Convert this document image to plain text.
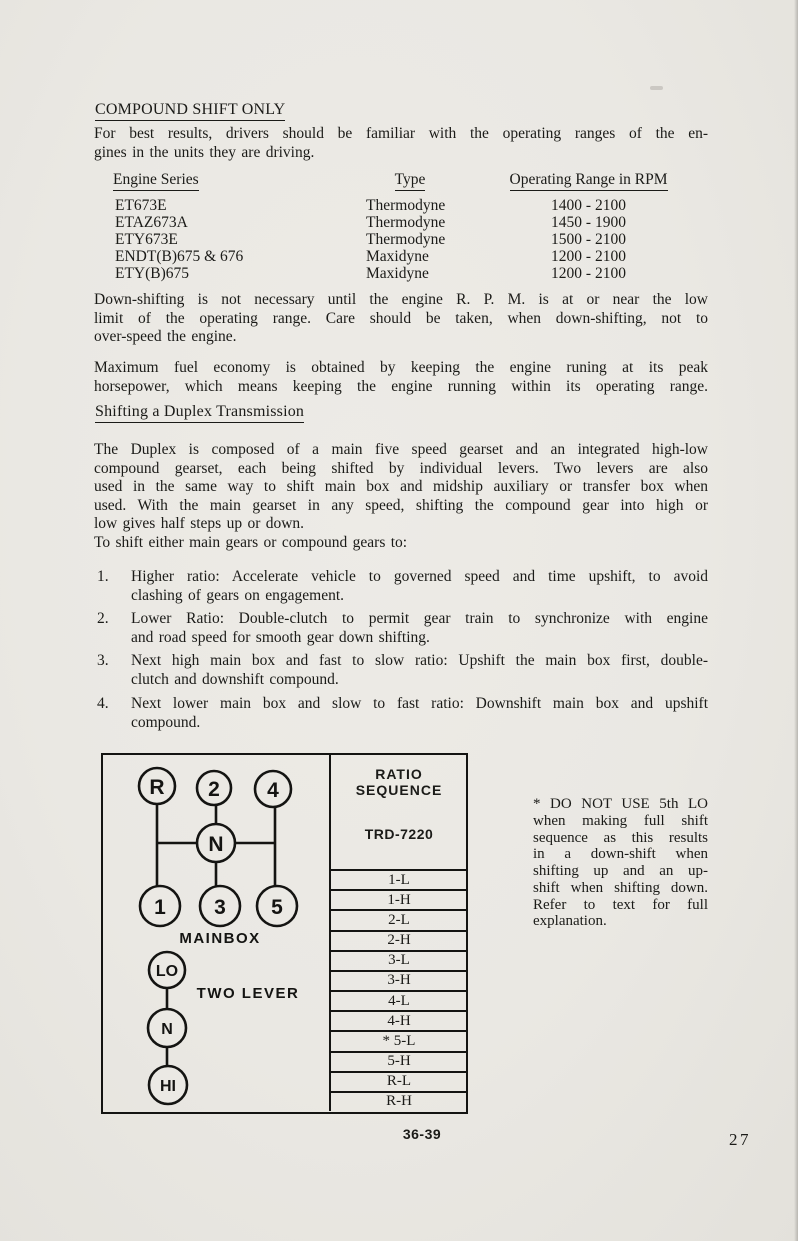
COMPOUND SHIFT ONLY
For best results, drivers should be familiar with the operating ranges of the en-
gines in the units they are driving.
Engine Series	Type	Operating Range in RPM
ET673E
ETAZ673A
ETY673E
ENDT(B)675 & 676
ETY(B)675
Thermodyne
Thermodyne
Thermodyne
Maxidyne
Maxidyne
1400 - 2100
1450 - 1900
1500 - 2100
1200 - 2100
1200 - 2100
Down-shifting is not necessary until the engine R. P. M. is at or near the low
limit of the operating range. Care should be taken, when down-shifting, not to
over-speed the engine.
Maximum fuel economy is obtained by keeping the engine runing at its peak
horsepower, which means keeping the engine running within its operating range.
Shifting a Duplex Transmission
The Duplex is composed of a main five speed gearset and an integrated high-low
compound gearset, each being shifted by individual levers. Two levers are also
used in the same way to shift main box and midship auxiliary or transfer box when
used. With the main gearset in any speed, shifting the compound gear into high or
low gives half steps up or down.
To shift either main gears or compound gears to:
1. Higher ratio: Accelerate vehicle to governed speed and time upshift, to avoid
clashing of gears on engagement.
2. Lower Ratio: Double-clutch to permit gear train to synchronize with engine
and road speed for smooth gear down shifting.
3. Next high main box and fast to slow ratio: Upshift the main box first, double-
clutch and downshift compound.
4. Next lower main box and slow to fast ratio: Downshift main box and upshift
compound.
R 2 4
N
1 3 5
LO
N
HI
MAINBOX
TWO LEVER
RATIO
SEQUENCE
TRD-7220
1-L
1-H
2-L
2-H
3-L
3-H
4-L
4-H
* 5-L
5-H
R-L
R-H
36-39
* DO NOT USE 5th LO
when making full shift
sequence as this results
in a down-shift when
shifting up and an up-
shift when shifting down.
Refer to text for full
explanation.
27
